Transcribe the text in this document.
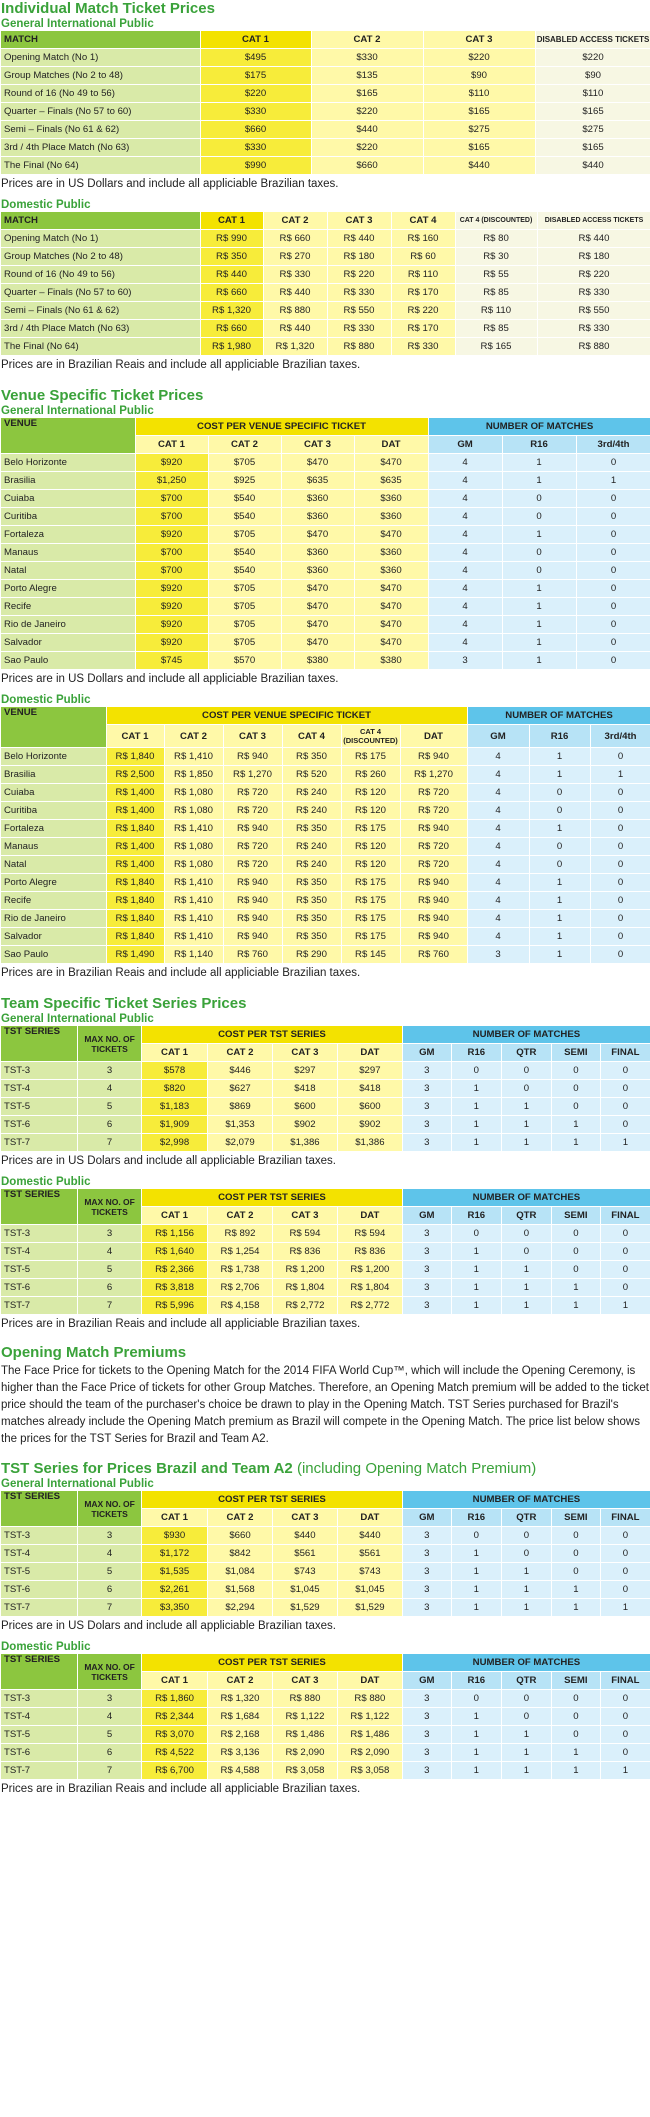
Individual Match Ticket Prices
General International Public
MATCH	CAT 1	CAT 2	CAT 3	DISABLED ACCESS TICKETS
Opening Match (No 1)	$495	$330	$220	$220
Group Matches (No 2 to 48)	$175	$135	$90	$90
Round of 16 (No 49 to 56)	$220	$165	$110	$110
Quarter – Finals (No 57 to 60)	$330	$220	$165	$165
Semi – Finals (No 61 & 62)	$660	$440	$275	$275
3rd / 4th Place Match (No 63)	$330	$220	$165	$165
The Final (No 64)	$990	$660	$440	$440

Prices are in US Dollars and include all appliciable Brazilian taxes.

Domestic Public
MATCH	CAT 1	CAT 2	CAT 3	CAT 4	CAT 4 (DISCOUNTED)	DISABLED ACCESS TICKETS
Opening Match (No 1)	R$ 990	R$ 660	R$ 440	R$ 160	R$ 80	R$ 440
Group Matches (No 2 to 48)	R$ 350	R$ 270	R$ 180	R$ 60	R$ 30	R$ 180
Round of 16 (No 49 to 56)	R$ 440	R$ 330	R$ 220	R$ 110	R$ 55	R$ 220
Quarter – Finals (No 57 to 60)	R$ 660	R$ 440	R$ 330	R$ 170	R$ 85	R$ 330
Semi – Finals (No 61 & 62)	R$ 1,320	R$ 880	R$ 550	R$ 220	R$ 110	R$ 550
3rd / 4th Place Match (No 63)	R$ 660	R$ 440	R$ 330	R$ 170	R$ 85	R$ 330
The Final (No 64)	R$ 1,980	R$ 1,320	R$ 880	R$ 330	R$ 165	R$ 880

Prices are in Brazilian Reais and include all appliciable Brazilian taxes.

Venue Specific Ticket Prices
General International Public
VENUE	COST PER VENUE SPECIFIC TICKET				NUMBER OF MATCHES		
	CAT 1	CAT 2	CAT 3	DAT	GM	R16	3rd/4th
Belo Horizonte	$920	$705	$470	$470	4	1	0
Brasilia	$1,250	$925	$635	$635	4	1	1
Cuiaba	$700	$540	$360	$360	4	0	0
Curitiba	$700	$540	$360	$360	4	0	0
Fortaleza	$920	$705	$470	$470	4	1	0
Manaus	$700	$540	$360	$360	4	0	0
Natal	$700	$540	$360	$360	4	0	0
Porto Alegre	$920	$705	$470	$470	4	1	0
Recife	$920	$705	$470	$470	4	1	0
Rio de Janeiro	$920	$705	$470	$470	4	1	0
Salvador	$920	$705	$470	$470	4	1	0
Sao Paulo	$745	$570	$380	$380	3	1	0

Prices are in US Dollars and include all appliciable Brazilian taxes.

Domestic Public
VENUE	COST PER VENUE SPECIFIC TICKET						NUMBER OF MATCHES		
	CAT 1	CAT 2	CAT 3	CAT 4	CAT 4 (DISCOUNTED)	DAT	GM	R16	3rd/4th
Belo Horizonte	R$ 1,840	R$ 1,410	R$ 940	R$ 350	R$ 175	R$ 940	4	1	0
Brasilia	R$ 2,500	R$ 1,850	R$ 1,270	R$ 520	R$ 260	R$ 1,270	4	1	1
Cuiaba	R$ 1,400	R$ 1,080	R$ 720	R$ 240	R$ 120	R$ 720	4	0	0
Curitiba	R$ 1,400	R$ 1,080	R$ 720	R$ 240	R$ 120	R$ 720	4	0	0
Fortaleza	R$ 1,840	R$ 1,410	R$ 940	R$ 350	R$ 175	R$ 940	4	1	0
Manaus	R$ 1,400	R$ 1,080	R$ 720	R$ 240	R$ 120	R$ 720	4	0	0
Natal	R$ 1,400	R$ 1,080	R$ 720	R$ 240	R$ 120	R$ 720	4	0	0
Porto Alegre	R$ 1,840	R$ 1,410	R$ 940	R$ 350	R$ 175	R$ 940	4	1	0
Recife	R$ 1,840	R$ 1,410	R$ 940	R$ 350	R$ 175	R$ 940	4	1	0
Rio de Janeiro	R$ 1,840	R$ 1,410	R$ 940	R$ 350	R$ 175	R$ 940	4	1	0
Salvador	R$ 1,840	R$ 1,410	R$ 940	R$ 350	R$ 175	R$ 940	4	1	0
Sao Paulo	R$ 1,490	R$ 1,140	R$ 760	R$ 290	R$ 145	R$ 760	3	1	0

Prices are in Brazilian Reais and include all appliciable Brazilian taxes.

Team Specific Ticket Series Prices
General International Public
TST SERIES	MAX NO. OF TICKETS	COST PER TST SERIES				NUMBER OF MATCHES				
		CAT 1	CAT 2	CAT 3	DAT	GM	R16	QTR	SEMI	FINAL
TST-3	3	$578	$446	$297	$297	3	0	0	0	0
TST-4	4	$820	$627	$418	$418	3	1	0	0	0
TST-5	5	$1,183	$869	$600	$600	3	1	1	0	0
TST-6	6	$1,909	$1,353	$902	$902	3	1	1	1	0
TST-7	7	$2,998	$2,079	$1,386	$1,386	3	1	1	1	1

Prices are in US Dolars and include all appliciable Brazilian taxes.

Domestic Public
TST SERIES	MAX NO. OF TICKETS	COST PER TST SERIES				NUMBER OF MATCHES				
		CAT 1	CAT 2	CAT 3	DAT	GM	R16	QTR	SEMI	FINAL
TST-3	3	R$ 1,156	R$ 892	R$ 594	R$ 594	3	0	0	0	0
TST-4	4	R$ 1,640	R$ 1,254	R$ 836	R$ 836	3	1	0	0	0
TST-5	5	R$ 2,366	R$ 1,738	R$ 1,200	R$ 1,200	3	1	1	0	0
TST-6	6	R$ 3,818	R$ 2,706	R$ 1,804	R$ 1,804	3	1	1	1	0
TST-7	7	R$ 5,996	R$ 4,158	R$ 2,772	R$ 2,772	3	1	1	1	1

Prices are in Brazilian Reais and include all appliciable Brazilian taxes.

Opening Match Premiums

The Face Price for tickets to the Opening Match for the 2014 FIFA World Cup™, which will include the Opening Ceremony, is higher than the Face Price of tickets for other Group Matches. Therefore, an Opening Match premium will be added to the ticket price should the team of the purchaser's choice be drawn to play in the Opening Match. TST Series purchased for Brazil's matches already include the Opening Match premium as Brazil will compete in the Opening Match. The price list below shows the prices for the TST Series for Brazil and Team A2.

TST Series for Prices Brazil and Team A2 (including Opening Match Premium)
General International Public
TST SERIES	MAX NO. OF TICKETS	COST PER TST SERIES				NUMBER OF MATCHES				
		CAT 1	CAT 2	CAT 3	DAT	GM	R16	QTR	SEMI	FINAL
TST-3	3	$930	$660	$440	$440	3	0	0	0	0
TST-4	4	$1,172	$842	$561	$561	3	1	0	0	0
TST-5	5	$1,535	$1,084	$743	$743	3	1	1	0	0
TST-6	6	$2,261	$1,568	$1,045	$1,045	3	1	1	1	0
TST-7	7	$3,350	$2,294	$1,529	$1,529	3	1	1	1	1

Prices are in US Dolars and include all appliciable Brazilian taxes.

Domestic Public
TST SERIES	MAX NO. OF TICKETS	COST PER TST SERIES				NUMBER OF MATCHES				
		CAT 1	CAT 2	CAT 3	DAT	GM	R16	QTR	SEMI	FINAL
TST-3	3	R$ 1,860	R$ 1,320	R$ 880	R$ 880	3	0	0	0	0
TST-4	4	R$ 2,344	R$ 1,684	R$ 1,122	R$ 1,122	3	1	0	0	0
TST-5	5	R$ 3,070	R$ 2,168	R$ 1,486	R$ 1,486	3	1	1	0	0
TST-6	6	R$ 4,522	R$ 3,136	R$ 2,090	R$ 2,090	3	1	1	1	0
TST-7	7	R$ 6,700	R$ 4,588	R$ 3,058	R$ 3,058	3	1	1	1	1

Prices are in Brazilian Reais and include all appliciable Brazilian taxes.
